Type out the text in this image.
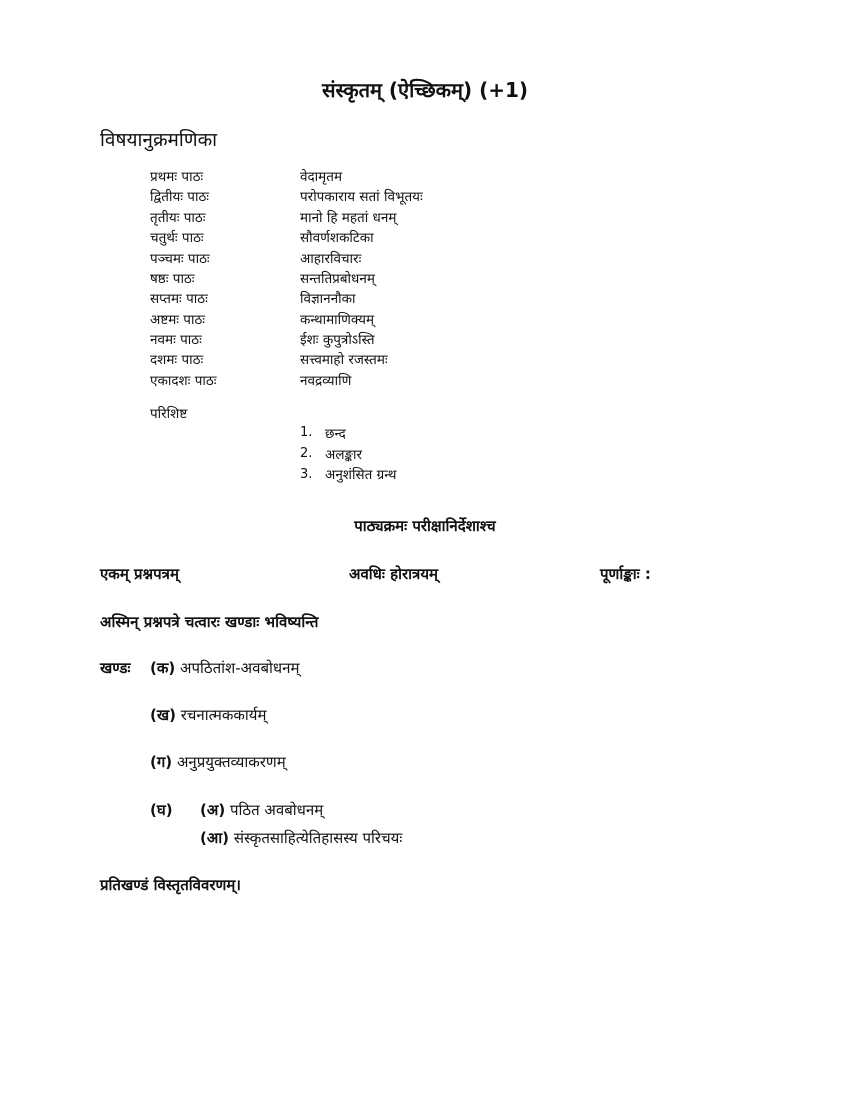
संस्कृतम् (ऐच्छिकम्) (+1)
विषयानुक्रमणिका
प्रथमः पाठः	वेदामृतम
द्वितीयः पाठः	परोपकाराय सतां विभूतयः
तृतीयः पाठः	मानो हि महतां धनम्
चतुर्थः पाठः	सौवर्णशकटिका
पञ्चमः पाठः	आहारविचारः
षष्ठः पाठः	सन्ततिप्रबोधनम्
सप्तमः पाठः	विज्ञाननौका
अष्टमः पाठः	कन्थामाणिक्यम्
नवमः पाठः	ईशः कुपुत्रोऽस्ति
दशमः पाठः	सत्त्वमाहो रजस्तमः
एकादशः पाठः	नवद्रव्याणि
परिशिष्ट
1. छन्द
2. अलङ्कार
3. अनुशंसित ग्रन्थ
पाठ्यक्रमः परीक्षानिर्देशाश्च
एकम् प्रश्नपत्रम्	अवधिः होरात्रयम्	पूर्णाङ्काः :
अस्मिन् प्रश्नपत्रे चत्वारः खण्डाः भविष्यन्ति
खण्डः (क) अपठितांश-अवबोधनम्
(ख) रचनात्मककार्यम्
(ग) अनुप्रयुक्तव्याकरणम्
(घ) (अ) पठित अवबोधनम्
(आ) संस्कृतसाहित्येतिहासस्य परिचयः
प्रतिखण्डं विस्तृतविवरणम्।
